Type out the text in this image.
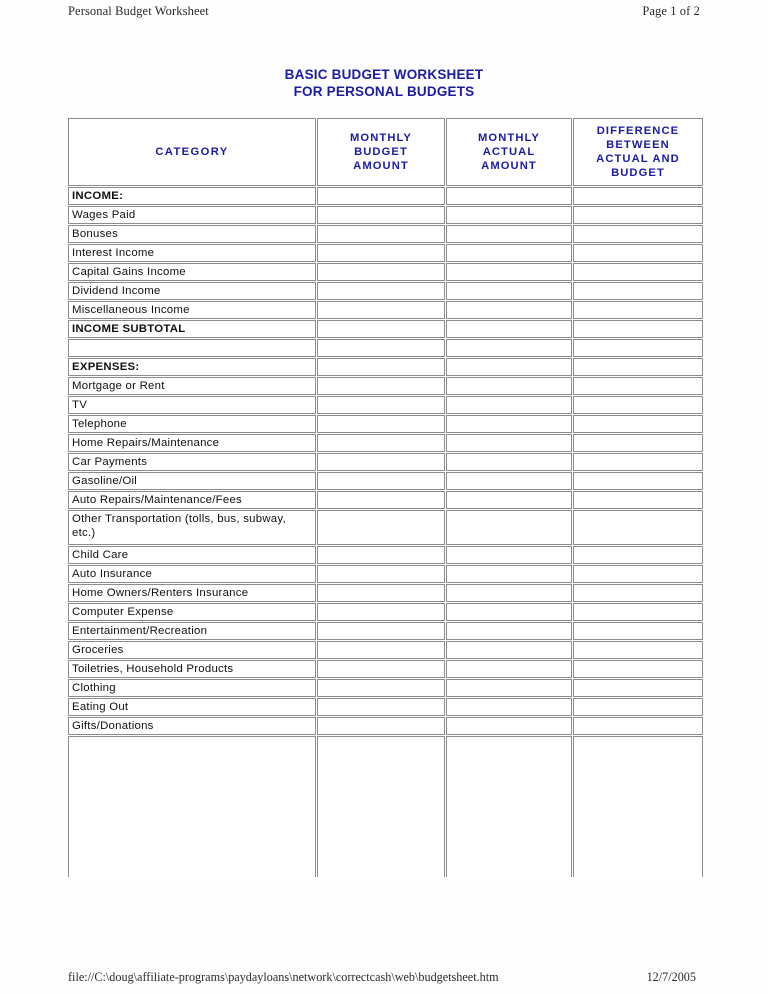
Personal Budget Worksheet	Page 1 of 2
BASIC BUDGET WORKSHEET
FOR PERSONAL BUDGETS
CATEGORY	MONTHLY
BUDGET
AMOUNT	MONTHLY
ACTUAL
AMOUNT	DIFFERENCE
BETWEEN
ACTUAL AND
BUDGET

INCOME:			
Wages Paid			
Bonuses			
Interest Income			
Capital Gains Income			
Dividend Income			
Miscellaneous Income			
INCOME SUBTOTAL			

EXPENSES:			
Mortgage or Rent			
TV			
Telephone			
Home Repairs/Maintenance			
Car Payments			
Gasoline/Oil			
Auto Repairs/Maintenance/Fees			
Other Transportation (tolls, bus, subway, etc.)			
Child Care			
Auto Insurance			
Home Owners/Renters Insurance			
Computer Expense			
Entertainment/Recreation			
Groceries			
Toiletries, Household Products			
Clothing			
Eating Out			
Gifts/Donations			

file://C:\doug\affiliate-programs\paydayloans\network\correctcash\web\budgetsheet.htm	12/7/2005
